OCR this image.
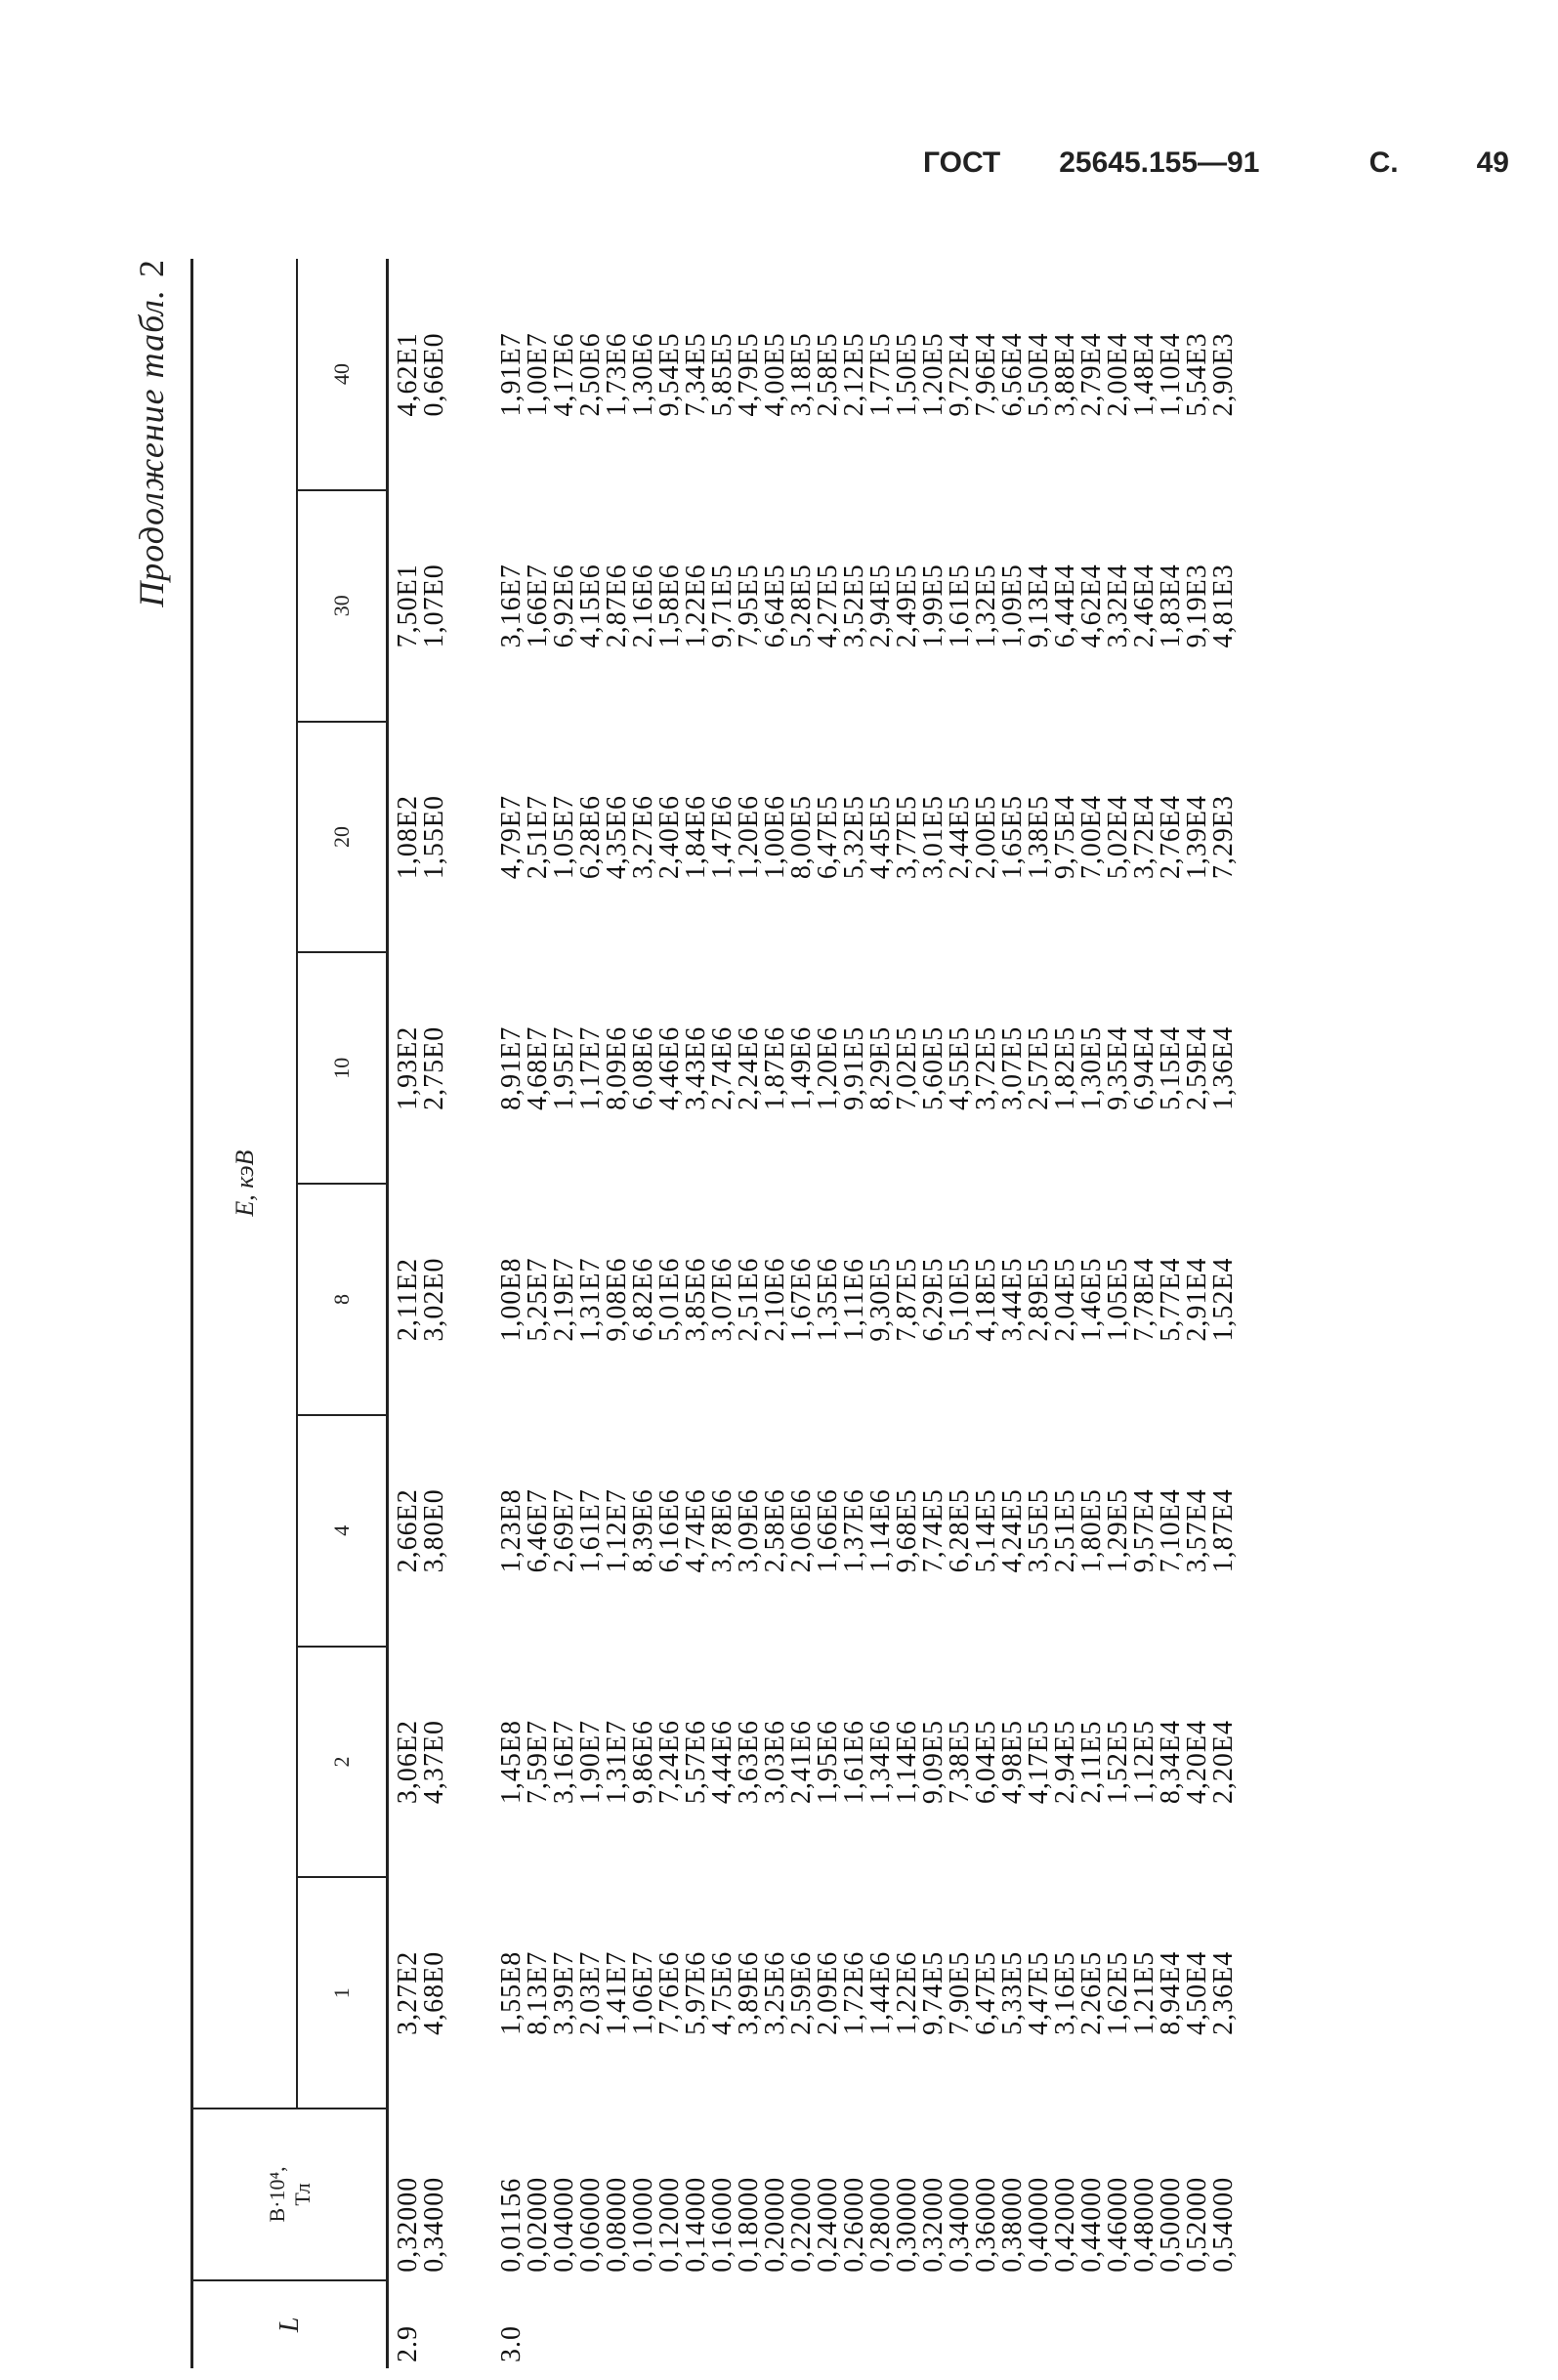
ГОСТ 25645.155—91	С.	49
Продолжение табл.2
L	B·10⁴, Тл	E, кэВ							
		1	2	4	8	10	20	30	40
2.9	0,32000	3,27E2	3,06E2	2,66E2	2,11E2	1,93E2	1,08E2	7,50E1	4,62E1
	0,34000	4,68E0	4,37E0	3,80E0	3,02E0	2,75E0	1,55E0	1,07E0	0,66E0

3.0	0,01156	1,55E8	1,45E8	1,23E8	1,00E8	8,91E7	4,79E7	3,16E7	1,91E7
	0,02000	8,13E7	7,59E7	6,46E7	5,25E7	4,68E7	2,51E7	1,66E7	1,00E7
	0,04000	3,39E7	3,16E7	2,69E7	2,19E7	1,95E7	1,05E7	6,92E6	4,17E6
	0,06000	2,03E7	1,90E7	1,61E7	1,31E7	1,17E7	6,28E6	4,15E6	2,50E6
	0,08000	1,41E7	1,31E7	1,12E7	9,08E6	8,09E6	4,35E6	2,87E6	1,73E6
	0,10000	1,06E7	9,86E6	8,39E6	6,82E6	6,08E6	3,27E6	2,16E6	1,30E6
	0,12000	7,76E6	7,24E6	6,16E6	5,01E6	4,46E6	2,40E6	1,58E6	9,54E5
	0,14000	5,97E6	5,57E6	4,74E6	3,85E6	3,43E6	1,84E6	1,22E6	7,34E5
	0,16000	4,75E6	4,44E6	3,78E6	3,07E6	2,74E6	1,47E6	9,71E5	5,85E5
	0,18000	3,89E6	3,63E6	3,09E6	2,51E6	2,24E6	1,20E6	7,95E5	4,79E5
	0,20000	3,25E6	3,03E6	2,58E6	2,10E6	1,87E6	1,00E6	6,64E5	4,00E5
	0,22000	2,59E6	2,41E6	2,06E6	1,67E6	1,49E6	8,00E5	5,28E5	3,18E5
	0,24000	2,09E6	1,95E6	1,66E6	1,35E6	1,20E6	6,47E5	4,27E5	2,58E5
	0,26000	1,72E6	1,61E6	1,37E6	1,11E6	9,91E5	5,32E5	3,52E5	2,12E5
	0,28000	1,44E6	1,34E6	1,14E6	9,30E5	8,29E5	4,45E5	2,94E5	1,77E5
	0,30000	1,22E6	1,14E6	9,68E5	7,87E5	7,02E5	3,77E5	2,49E5	1,50E5
	0,32000	9,74E5	9,09E5	7,74E5	6,29E5	5,60E5	3,01E5	1,99E5	1,20E5
	0,34000	7,90E5	7,38E5	6,28E5	5,10E5	4,55E5	2,44E5	1,61E5	9,72E4
	0,36000	6,47E5	6,04E5	5,14E5	4,18E5	3,72E5	2,00E5	1,32E5	7,96E4
	0,38000	5,33E5	4,98E5	4,24E5	3,44E5	3,07E5	1,65E5	1,09E5	6,56E4
	0,40000	4,47E5	4,17E5	3,55E5	2,89E5	2,57E5	1,38E5	9,13E4	5,50E4
	0,42000	3,16E5	2,94E5	2,51E5	2,04E5	1,82E5	9,75E4	6,44E4	3,88E4
	0,44000	2,26E5	2,11E5	1,80E5	1,46E5	1,30E5	7,00E4	4,62E4	2,79E4
	0,46000	1,62E5	1,52E5	1,29E5	1,05E5	9,35E4	5,02E4	3,32E4	2,00E4
	0,48000	1,21E5	1,12E5	9,57E4	7,78E4	6,94E4	3,72E4	2,46E4	1,48E4
	0,50000	8,94E4	8,34E4	7,10E4	5,77E4	5,15E4	2,76E4	1,83E4	1,10E4
	0,52000	4,50E4	4,20E4	3,57E4	2,91E4	2,59E4	1,39E4	9,19E3	5,54E3
	0,54000	2,36E4	2,20E4	1,87E4	1,52E4	1,36E4	7,29E3	4,81E3	2,90E3
